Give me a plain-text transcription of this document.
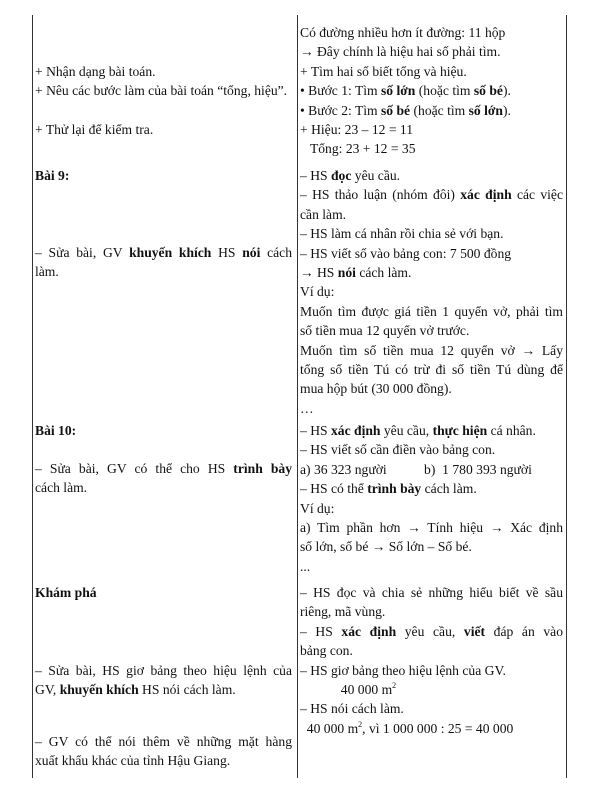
+ Nhận dạng bài toán.
+ Nêu các bước làm của bài toán “tổng, hiệu”.
+ Thử lại để kiểm tra.
Bài 9:
– Sửa bài, GV khuyến khích HS nói cách
làm.
Bài 10:
– Sửa bài, GV có thể cho HS trình bày
cách làm.
Khám phá
– Sửa bài, HS giơ bảng theo hiệu lệnh của
GV, khuyến khích HS nói cách làm.
– GV có thể nói thêm về những mặt hàng
xuất khẩu khác của tỉnh Hậu Giang.
Có đường nhiều hơn ít đường: 11 hộp
→ Đây chính là hiệu hai số phải tìm.
+ Tìm hai số biết tổng và hiệu.
• Bước 1: Tìm số lớn (hoặc tìm số bé).
• Bước 2: Tìm số bé (hoặc tìm số lớn).
+ Hiệu: 23 – 12 = 11
Tổng: 23 + 12 = 35
– HS đọc yêu cầu.
– HS thảo luận (nhóm đôi) xác định các việc
cần làm.
– HS làm cá nhân rồi chia sẻ với bạn.
– HS viết số vào bảng con: 7 500 đồng
→ HS nói cách làm.
Ví dụ:
Muốn tìm được giá tiền 1 quyển vở, phải tìm
số tiền mua 12 quyển vở trước.
Muốn tìm số tiền mua 12 quyển vở → Lấy
tổng số tiền Tú có trừ đi số tiền Tú dùng để
mua hộp bút (30 000 đồng).
…
– HS xác định yêu cầu, thực hiện cá nhân.
– HS viết số cần điền vào bảng con.
a) 36 323 người           b)  1 780 393 người
– HS có thể trình bày cách làm.
Ví dụ:
a) Tìm phần hơn → Tính hiệu → Xác định
số lớn, số bé → Số lớn – Số bé.
...
– HS đọc và chia sẻ những hiểu biết về sầu
riêng, mã vùng.
– HS xác định yêu cầu, viết đáp án vào
bảng con.
– HS giơ bảng theo hiệu lệnh của GV.
40 000 $m^2$
– HS nói cách làm.
40 000 $m^2$, vì 1 000 000 : 25 = 40 000
